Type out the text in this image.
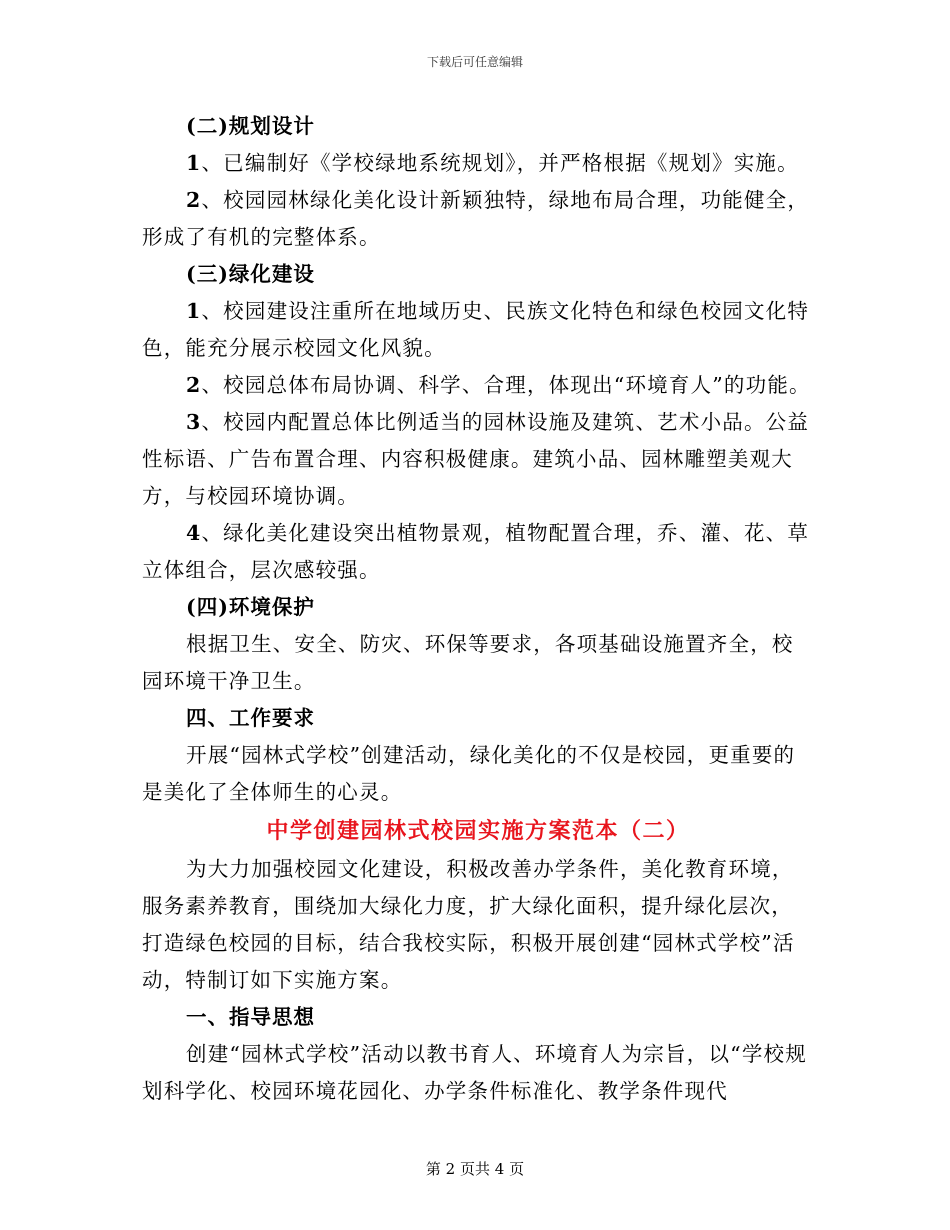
下载后可任意编辑

(二)规划设计

1、已编制好《学校绿地系统规划》，并严格根据《规划》实施。

2、校园园林绿化美化设计新颖独特，绿地布局合理，功能健全，形成了有机的完整体系。

(三)绿化建设

1、校园建设注重所在地域历史、民族文化特色和绿色校园文化特色，能充分展示校园文化风貌。

2、校园总体布局协调、科学、合理，体现出“环境育人”的功能。

3、校园内配置总体比例适当的园林设施及建筑、艺术小品。公益性标语、广告布置合理、内容积极健康。建筑小品、园林雕塑美观大方，与校园环境协调。

4、绿化美化建设突出植物景观，植物配置合理，乔、灌、花、草立体组合，层次感较强。

(四)环境保护

根据卫生、安全、防灾、环保等要求，各项基础设施置齐全，校园环境干净卫生。

四、工作要求

开展“园林式学校”创建活动，绿化美化的不仅是校园，更重要的是美化了全体师生的心灵。

中学创建园林式校园实施方案范本（二）

为大力加强校园文化建设，积极改善办学条件，美化教育环境，服务素养教育，围绕加大绿化力度，扩大绿化面积，提升绿化层次，打造绿色校园的目标，结合我校实际，积极开展创建“园林式学校”活动，特制订如下实施方案。

一、指导思想

创建“园林式学校”活动以教书育人、环境育人为宗旨，以“学校规划科学化、校园环境花园化、办学条件标准化、教学条件现代

第 2 页共 4 页
